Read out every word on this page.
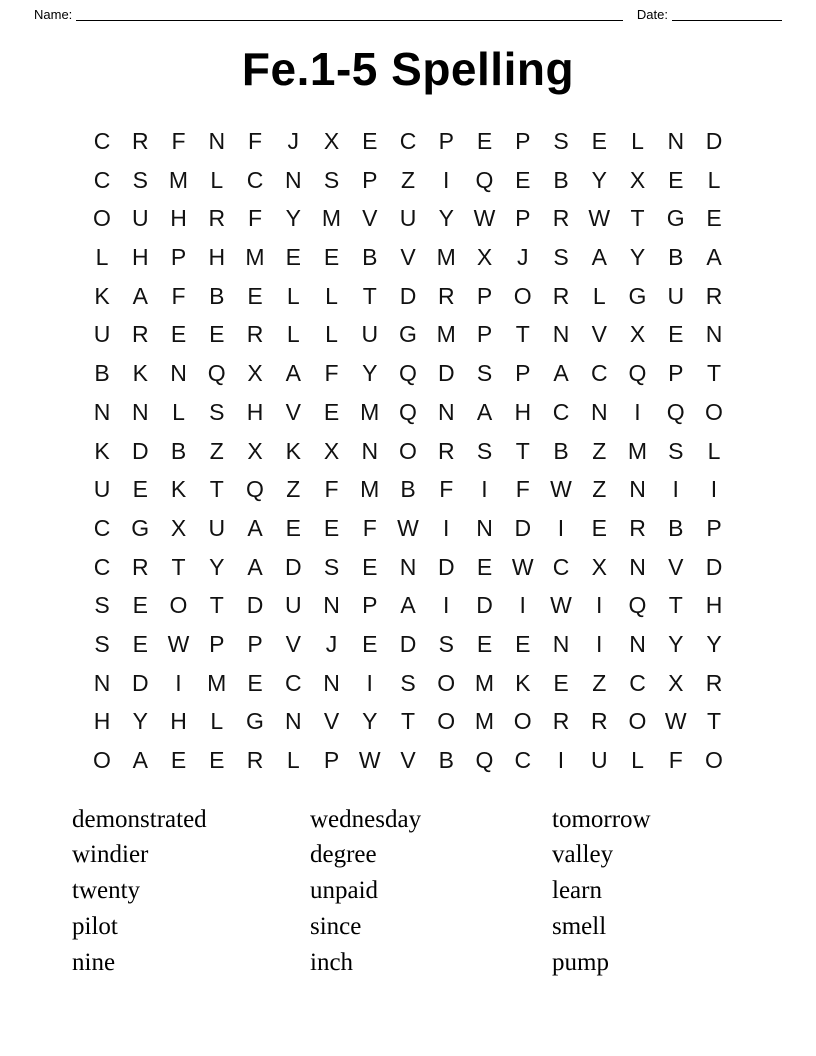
Name:	Date:
Fe.1-5 Spelling
C R F N F	J	X E C P E P S E	L	N D
C S M L	C N S P	Z	I	Q E B Y X E	L
O U H R F	Y M V U Y W P R W T G E
L	H P H M E E B V M X	J	S A Y B A
K A	F	B E	L	L	T D R P O R	L G U R
U R E E R	L	L	U G M P	T N V X E N
B K N Q X A	F	Y Q D S P A C Q P	T
N N	L	S H V E M Q N A H C N	I	Q O
K D B	Z	X K X N O R S	T	B	Z M S	L
U E K	T Q Z	F M B	F	I	F W Z N	I	I
C G X U A E E	F W	I	N D	I	E R B P
C R T	Y A D S E N D E W C X N V D
S E O T D U N P A	I	D	I	W	I	Q T H
S E W P P V	J	E D S E E N	I	N Y Y
N D	I	M E C N	I	S O M K E	Z C X R
H Y H	L G N V Y	T O M O R R O W T
O A E E R	L	P W V B Q C	I	U	L	F O
demonstrated
windier
twenty
pilot
nine
wednesday
degree
unpaid
since
inch
tomorrow
valley
learn
smell
pump
